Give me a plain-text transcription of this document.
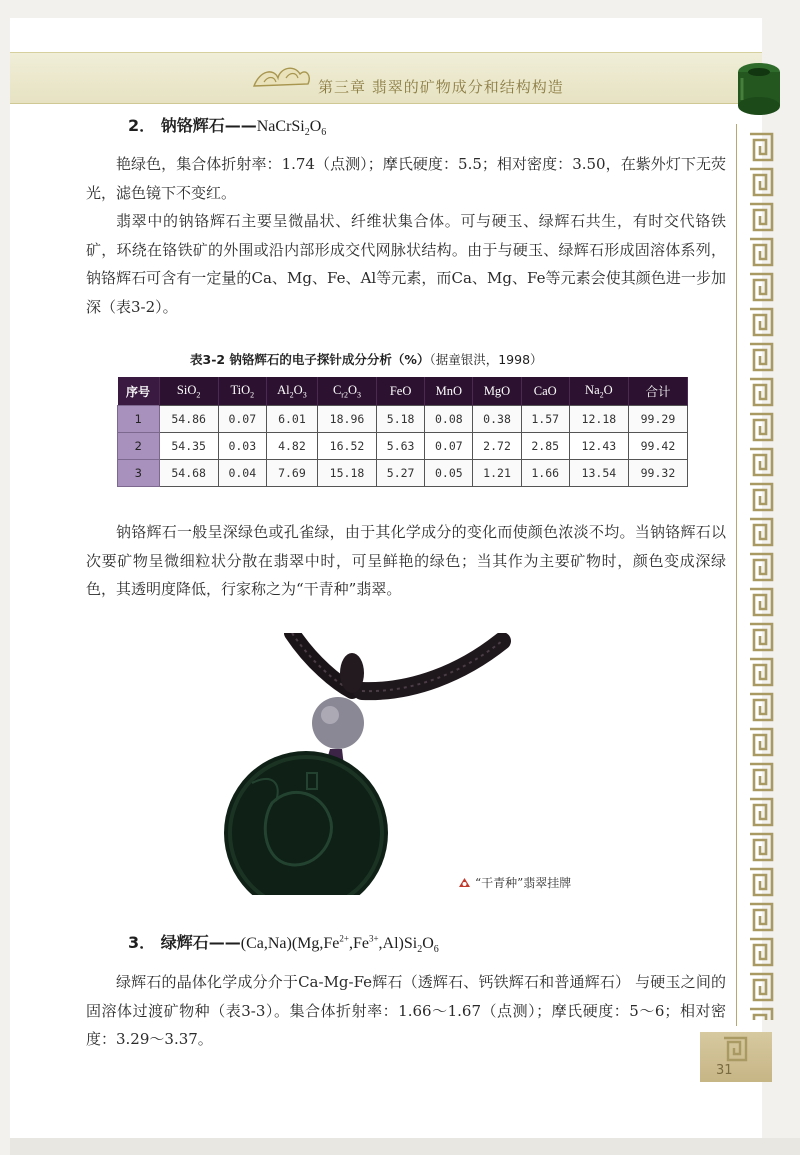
第三章 翡翠的矿物成分和结构构造
2． 钠铬辉石$——NaCrSi_2O_6$
艳绿色，集合体折射率：1.74（点测）；摩氏硬度：5.5；相对密度：3.50，在紫外灯下无荧光，滤色镜下不变红。
翡翠中的钠铬辉石主要呈微晶状、纤维状集合体。可与硬玉、绿辉石共生，有时交代铬铁矿，环绕在铬铁矿的外围或沿内部形成交代网脉状结构。由于与硬玉、绿辉石形成固溶体系列，钠铬辉石可含有一定量的Ca、Mg、Fe、Al等元素，而Ca、Mg、Fe等元素会使其颜色进一步加深（表3-2）。
表3-2 钠铬辉石的电子探针成分分析（%）（据童银洪，1998）
序号	SiO$_2$	TiO$_2$	$Al_2O_3$	$C_{r2}O_3$	FeO	MnO	MgO	CaO	$Na_2O$	合计
1	54.86	0.07	6.01	18.96	5.18	0.08	0.38	1.57	12.18	99.29
2	54.35	0.03	4.82	16.52	5.63	0.07	2.72	2.85	12.43	99.42
3	54.68	0.04	7.69	15.18	5.27	0.05	1.21	1.66	13.54	99.32
钠铬辉石一般呈深绿色或孔雀绿，由于其化学成分的变化而使颜色浓淡不均。当钠铬辉石以次要矿物呈微细粒状分散在翡翠中时，可呈鲜艳的绿色；当其作为主要矿物时，颜色变成深绿色，其透明度降低，行家称之为“干青种”翡翠。
“干青种”翡翠挂牌
3． 绿辉石$——(Ca,Na)(Mg,Fe^{2+},Fe^{3+},Al)Si_2O_6$
绿辉石的晶体化学成分介于Ca-Mg-Fe辉石（透辉石、钙铁辉石和普通辉石） 与硬玉之间的固溶体过渡矿物种（表3-3）。集合体折射率：1.66～1.67（点测）；摩氏硬度：5～6；相对密度：3.29～3.37。
31
